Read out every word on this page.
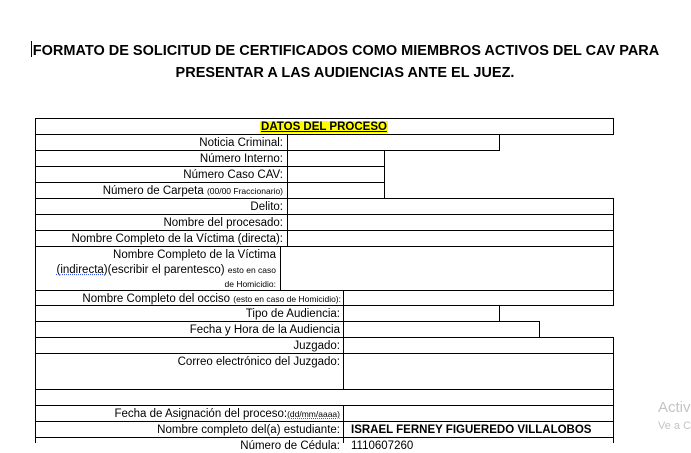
FORMATO DE SOLICITUD DE CERTIFICADOS COMO MIEMBROS ACTIVOS DEL CAV PARA
PRESENTAR A LAS AUDIENCIAS ANTE EL JUEZ.
DATOS DEL PROCESO
Noticia Criminal:
Número Interno:
Número Caso CAV:
Número de Carpeta (00/00 Fraccionario)
Delito:
Nombre del procesado:
Nombre Completo de la Víctima (directa):
Nombre Completo de la Víctima
(indirecta)(escribir el parentesco) esto en caso
de Homicidio:
Nombre Completo del occiso (esto en caso de Homicidio):
Tipo de Audiencia:
Fecha y Hora de la Audiencia
Juzgado:
Correo electrónico del Juzgado:
Fecha de Asignación del proceso:(dd/mm/aaaa)
Nombre completo del(a) estudiante: ISRAEL FERNEY FIGUEREDO VILLALOBOS
Número de Cédula: 1110607260
Activ
Ve a C
